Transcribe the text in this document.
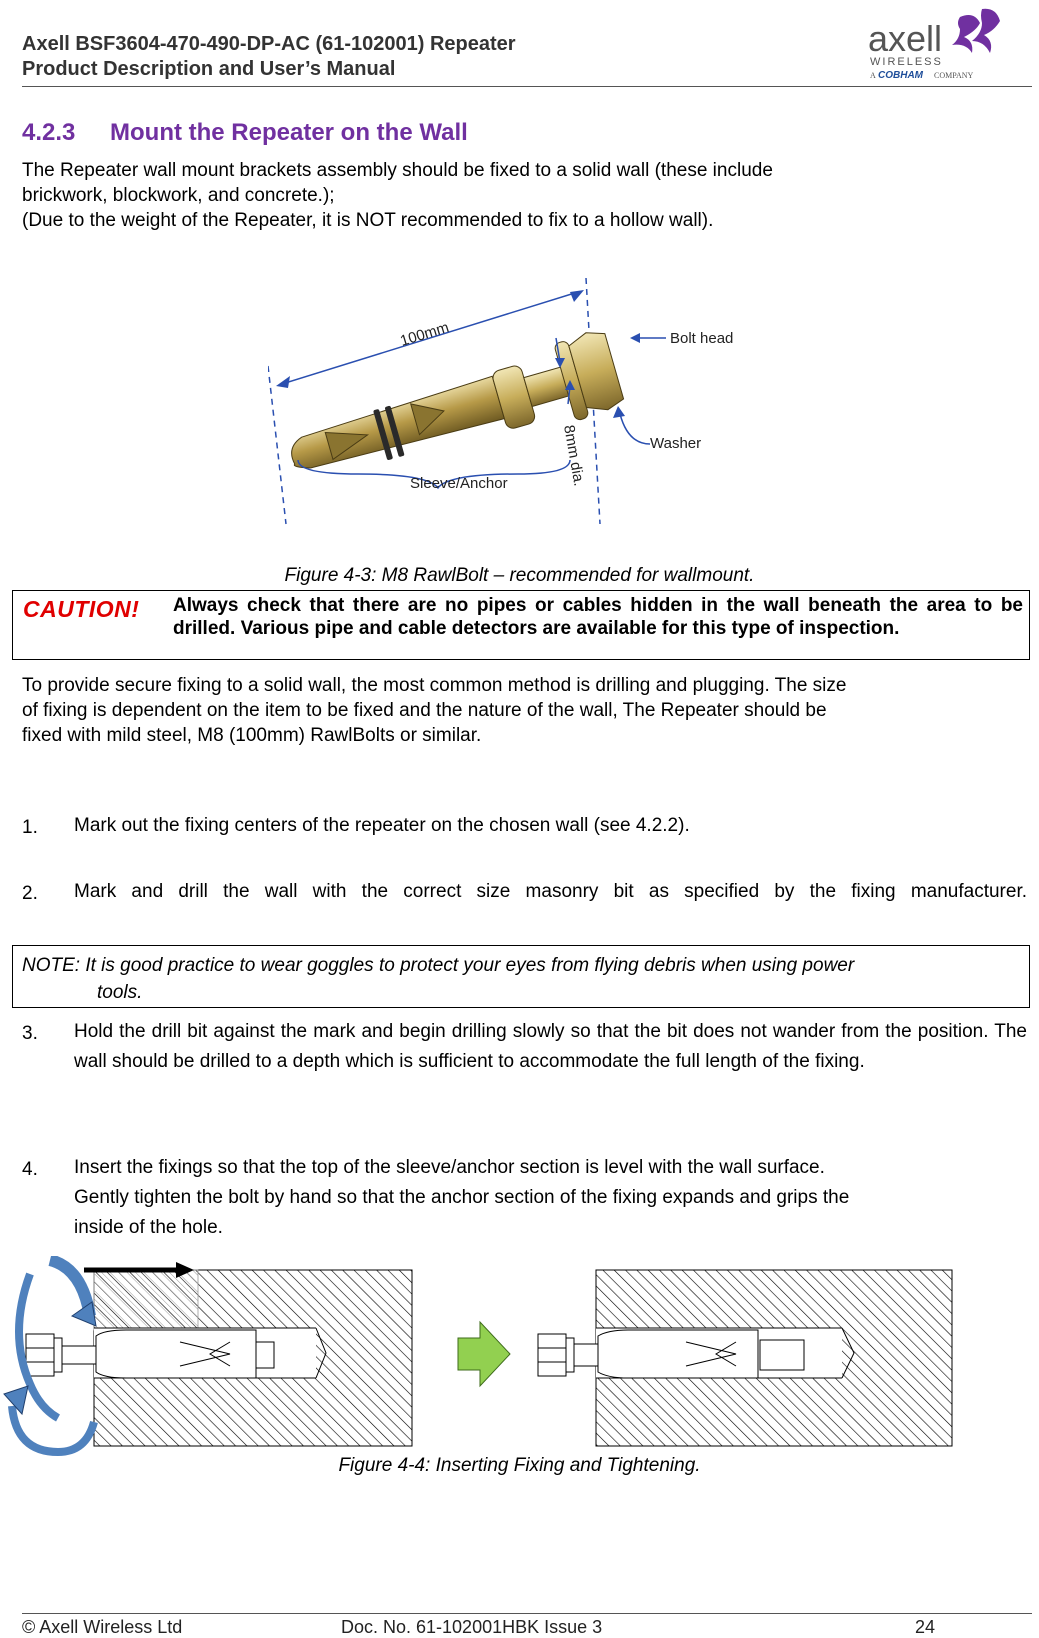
Axell BSF3604-470-490-DP-AC (61-102001) Repeater
Product Description and User’s Manual
axell
WIRELESS
A COBHAM COMPANY
4.2.3 Mount the Repeater on the Wall
The Repeater wall mount brackets assembly should be fixed to a solid wall (these include
brickwork, blockwork, and concrete.);
(Due to the weight of the Repeater, it is NOT recommended to fix to a hollow wall).
100mm
Sleeve/Anchor	8mm dia.
Bolt head
Washer
Figure 4-3: M8 RawlBolt – recommended for wallmount.
CAUTION! Always check that there are no pipes or cables hidden in the wall beneath the area to be drilled. Various pipe and cable detectors are available for this type of inspection.
To provide secure fixing to a solid wall, the most common method is drilling and plugging. The size
of fixing is dependent on the item to be fixed and the nature of the wall, The Repeater should be
fixed with mild steel, M8 (100mm) RawlBolts or similar.
1. Mark out the fixing centers of the repeater on the chosen wall (see 4.2.2).
2. Mark and drill the wall with the correct size masonry bit as specified by the fixing manufacturer.
NOTE: It is good practice to wear goggles to protect your eyes from flying debris when using power
tools.
3. Hold the drill bit against the mark and begin drilling slowly so that the bit does not wander from the position. The wall should be drilled to a depth which is sufficient to accommodate the full length of the fixing.
4. Insert the fixings so that the top of the sleeve/anchor section is level with the wall surface.
Gently tighten the bolt by hand so that the anchor section of the fixing expands and grips the
inside of the hole.
Figure 4-4: Inserting Fixing and Tightening.
© Axell Wireless Ltd	Doc. No. 61-102001HBK Issue 3	24
